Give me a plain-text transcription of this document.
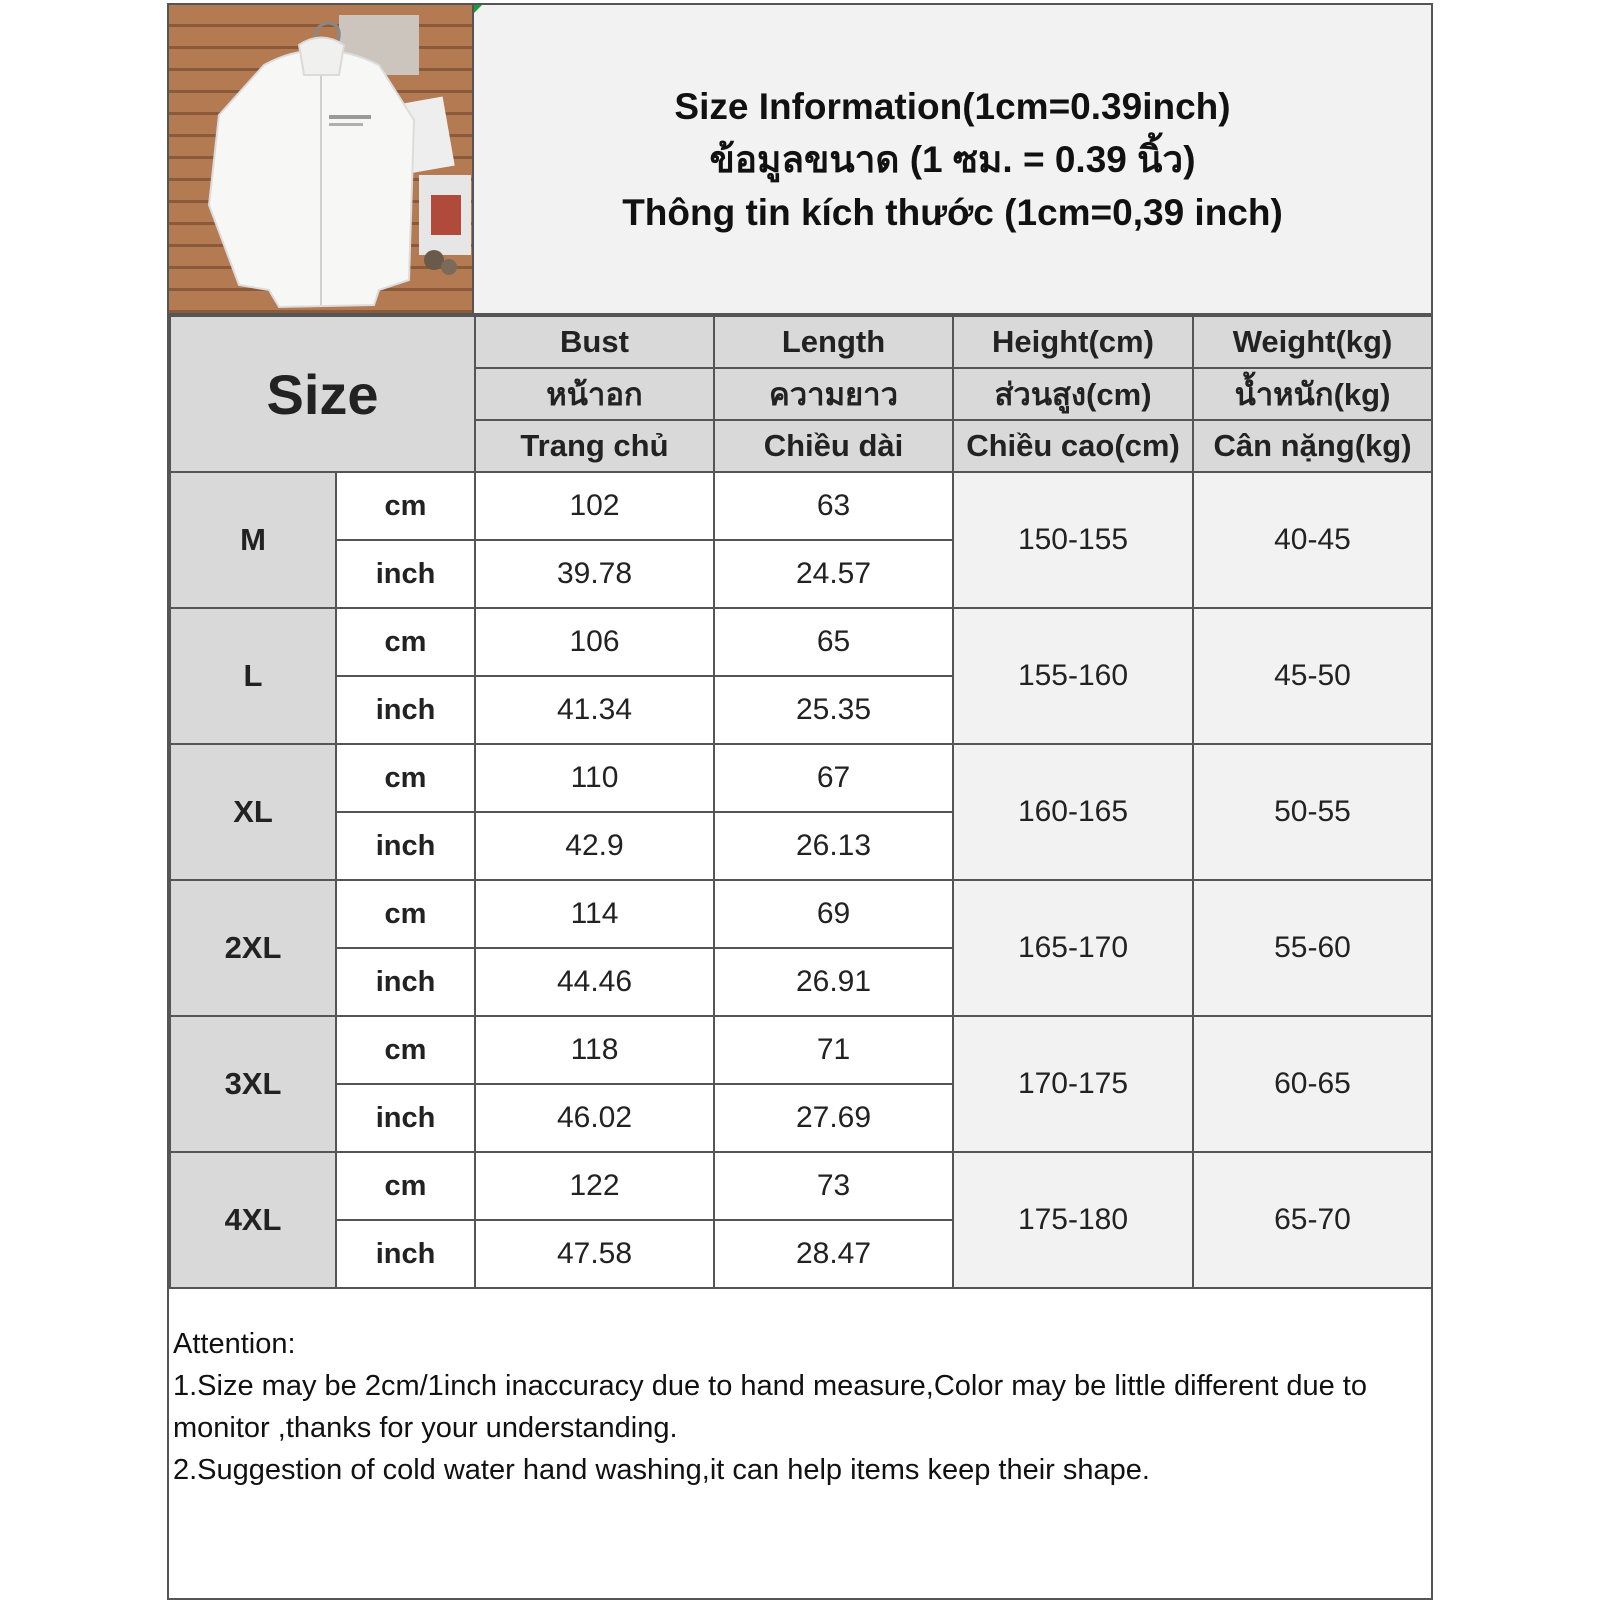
Size Information(1cm=0.39inch)
ข้อมูลขนาด (1 ซม. = 0.39 นิ้ว)
Thông tin kích thước (1cm=0,39 inch)
Size		Bust	Length	Height(cm)	Weight(kg)
		หน้าอก	ความยาว	ส่วนสูง(cm)	น้ำหนัก(kg)
		Trang chủ	Chiều dài	Chiều cao(cm)	Cân nặng(kg)
M	cm	102	63	150-155	40-45
	inch	39.78	24.57		
L	cm	106	65	155-160	45-50
	inch	41.34	25.35		
XL	cm	110	67	160-165	50-55
	inch	42.9	26.13		
2XL	cm	114	69	165-170	55-60
	inch	44.46	26.91		
3XL	cm	118	71	170-175	60-65
	inch	46.02	27.69		
4XL	cm	122	73	175-180	65-70
	inch	47.58	28.47		
Attention:
1.Size may be 2cm/1inch inaccuracy due to hand measure,Color may be little different due to monitor ,thanks for your understanding.
2.Suggestion of cold water hand washing,it can help items keep their shape.
